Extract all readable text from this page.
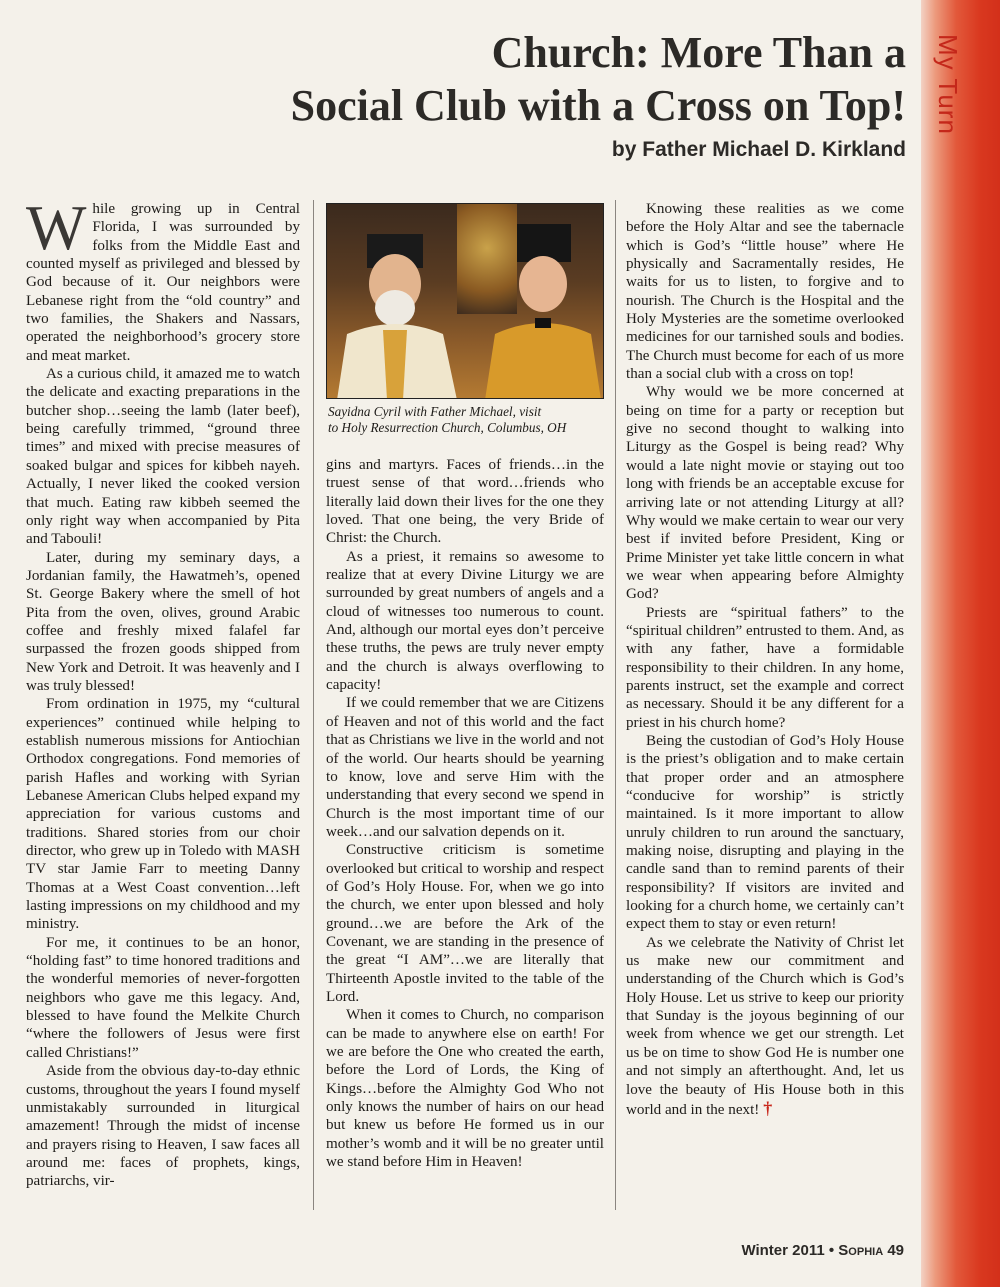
My Turn
Church: More Than a
Social Club with a Cross on Top!
by Father Michael D. Kirkland

While growing up in Central Florida, I was surrounded by folks from the Middle East and counted myself as privileged and blessed by God because of it. Our neighbors were Lebanese right from the “old country” and two families, the Shakers and Nassars, operated the neighborhood’s grocery store and meat market.

As a curious child, it amazed me to watch the delicate and exacting preparations in the butcher shop…seeing the lamb (later beef), being carefully trimmed, “ground three times” and mixed with precise measures of soaked bulgar and spices for kibbeh nayeh. Actually, I never liked the cooked version that much. Eating raw kibbeh seemed the only right way when accompanied by Pita and Tabouli!

Later, during my seminary days, a Jordanian family, the Hawatmeh’s, opened St. George Bakery where the smell of hot Pita from the oven, olives, ground Arabic coffee and freshly mixed falafel far surpassed the frozen goods shipped from New York and Detroit. It was heavenly and I was truly blessed!

From ordination in 1975, my “cultural experiences” continued while helping to establish numerous missions for Antiochian Orthodox congregations. Fond memories of parish Hafles and working with Syrian Lebanese American Clubs helped expand my appreciation for various customs and traditions. Shared stories from our choir director, who grew up in Toledo with MASH TV star Jamie Farr to meeting Danny Thomas at a West Coast convention…left lasting impressions on my childhood and my ministry.

For me, it continues to be an honor, “holding fast” to time honored traditions and the wonderful memories of never-forgotten neighbors who gave me this legacy. And, blessed to have found the Melkite Church “where the followers of Jesus were first called Christians!”

Aside from the obvious day-to-day ethnic customs, throughout the years I found myself unmistakably surrounded in liturgical amazement! Through the midst of incense and prayers rising to Heaven, I saw faces all around me: faces of prophets, kings, patriarchs, vir-

Sayidna Cyril with Father Michael, visit
to Holy Resurrection Church, Columbus, OH

gins and martyrs. Faces of friends…in the truest sense of that word…friends who literally laid down their lives for the one they loved. That one being, the very Bride of Christ: the Church.

As a priest, it remains so awesome to realize that at every Divine Liturgy we are surrounded by great numbers of angels and a cloud of witnesses too numerous to count. And, although our mortal eyes don’t perceive these truths, the pews are truly never empty and the church is always overflowing to capacity!

If we could remember that we are Citizens of Heaven and not of this world and the fact that as Christians we live in the world and not of the world. Our hearts should be yearning to know, love and serve Him with the understanding that every second we spend in Church is the most important time of our week…and our salvation depends on it.

Constructive criticism is sometime overlooked but critical to worship and respect of God’s Holy House. For, when we go into the church, we enter upon blessed and holy ground…we are before the Ark of the Covenant, we are standing in the presence of the great “I AM”…we are literally that Thirteenth Apostle invited to the table of the Lord.

When it comes to Church, no comparison can be made to anywhere else on earth! For we are before the One who created the earth, before the Lord of Lords, the King of Kings…before the Almighty God Who not only knows the number of hairs on our head but knew us before He formed us in our mother’s womb and it will be no greater until we stand before Him in Heaven!

Knowing these realities as we come before the Holy Altar and see the tabernacle which is God’s “little house” where He physically and Sacramentally resides, He waits for us to listen, to forgive and to nourish. The Church is the Hospital and the Holy Mysteries are the sometime overlooked medicines for our tarnished souls and bodies. The Church must become for each of us more than a social club with a cross on top!

Why would we be more concerned at being on time for a party or reception but give no second thought to walking into Liturgy as the Gospel is being read? Why would a late night movie or staying out too long with friends be an acceptable excuse for arriving late or not attending Liturgy at all? Why would we make certain to wear our very best if invited before President, King or Prime Minister yet take little concern in what we wear when appearing before Almighty God?

Priests are “spiritual fathers” to the “spiritual children” entrusted to them. And, as with any father, have a formidable responsibility to their children. In any home, parents instruct, set the example and correct as necessary. Should it be any different for a priest in his church home?

Being the custodian of God’s Holy House is the priest’s obligation and to make certain that proper order and an atmosphere “conducive for worship” is strictly maintained. Is it more important to allow unruly children to run around the sanctuary, making noise, disrupting and playing in the candle sand than to remind parents of their responsibility? If visitors are invited and looking for a church home, we certainly can’t expect them to stay or even return!

As we celebrate the Nativity of Christ let us make new our commitment and understanding of the Church which is God’s Holy House. Let us strive to keep our priority that Sunday is the joyous beginning of our week from whence we get our strength. Let us be on time to show God He is number one and not simply an afterthought. And, let us love the beauty of His House both in this world and in the next! †

Winter 2011 • Sophia 49
